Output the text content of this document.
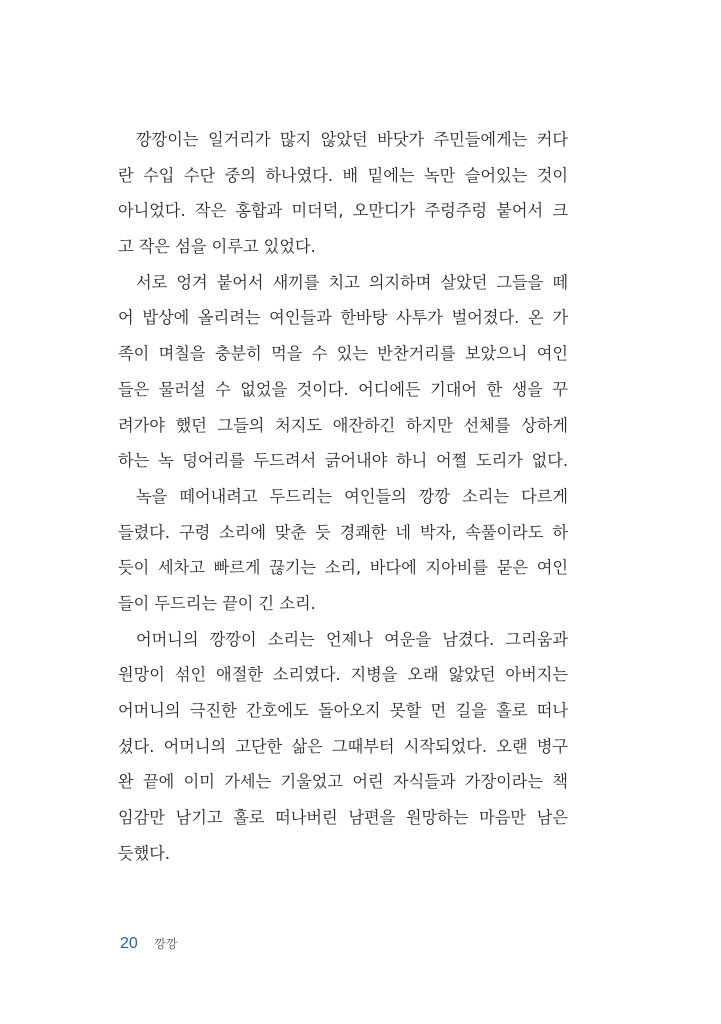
깡깡이는 일거리가 많지 않았던 바닷가 주민들에게는 커다
란 수입 수단 중의 하나였다. 배 밑에는 녹만 슬어있는 것이
아니었다. 작은 홍합과 미더덕, 오만디가 주렁주렁 붙어서 크
고 작은 섬을 이루고 있었다.
서로 엉겨 붙어서 새끼를 치고 의지하며 살았던 그들을 떼
어 밥상에 올리려는 여인들과 한바탕 사투가 벌어졌다. 온 가
족이 며칠을 충분히 먹을 수 있는 반찬거리를 보았으니 여인
들은 물러설 수 없었을 것이다. 어디에든 기대어 한 생을 꾸
려가야 했던 그들의 처지도 애잔하긴 하지만 선체를 상하게
하는 녹 덩어리를 두드려서 긁어내야 하니 어쩔 도리가 없다.
녹을 떼어내려고 두드리는 여인들의 깡깡 소리는 다르게
들렸다. 구령 소리에 맞춘 듯 경쾌한 네 박자, 속풀이라도 하
듯이 세차고 빠르게 끊기는 소리, 바다에 지아비를 묻은 여인
들이 두드리는 끝이 긴 소리.
어머니의 깡깡이 소리는 언제나 여운을 남겼다. 그리움과
원망이 섞인 애절한 소리였다. 지병을 오래 앓았던 아버지는
어머니의 극진한 간호에도 돌아오지 못할 먼 길을 홀로 떠나
셨다. 어머니의 고단한 삶은 그때부터 시작되었다. 오랜 병구
완 끝에 이미 가세는 기울었고 어린 자식들과 가장이라는 책
임감만 남기고 홀로 떠나버린 남편을 원망하는 마음만 남은
듯했다.
20 깡깡
